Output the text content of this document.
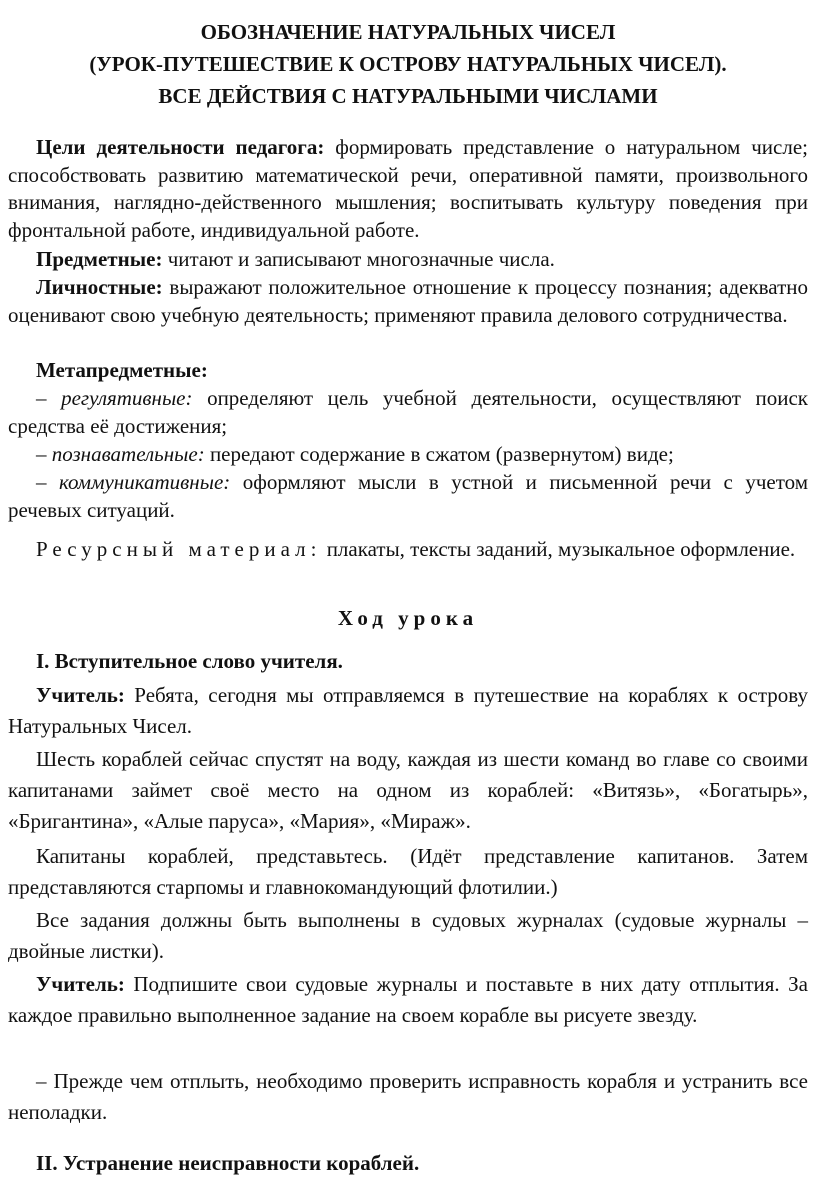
ОБОЗНАЧЕНИЕ НАТУРАЛЬНЫХ ЧИСЕЛ
(УРОК-ПУТЕШЕСТВИЕ К ОСТРОВУ НАТУРАЛЬНЫХ ЧИСЕЛ).
ВСЕ ДЕЙСТВИЯ С НАТУРАЛЬНЫМИ ЧИСЛАМИ

Цели деятельности педагога: формировать представление о натуральном числе; способствовать развитию математической речи, оперативной памяти, произвольного внимания, наглядно-действенного мышления; воспитывать культуру поведения при фронтальной работе, индивидуальной работе.

Предметные: читают и записывают многозначные числа.

Личностные: выражают положительное отношение к процессу познания; адекватно оценивают свою учебную деятельность; применяют правила делового сотрудничества.

Метапредметные:

– регулятивные: определяют цель учебной деятельности, осуществляют поиск средства её достижения;

– познавательные: передают содержание в сжатом (развернутом) виде;

– коммуникативные: оформляют мысли в устной и письменной речи с учетом речевых ситуаций.

Ресурсный материал: плакаты, тексты заданий, музыкальное оформление.

Ход урока

I. Вступительное слово учителя.

Учитель: Ребята, сегодня мы отправляемся в путешествие на кораблях к острову Натуральных Чисел.

Шесть кораблей сейчас спустят на воду, каждая из шести команд во главе со своими капитанами займет своё место на одном из кораблей: «Витязь», «Богатырь», «Бригантина», «Алые паруса», «Мария», «Мираж».

Капитаны кораблей, представьтесь. (Идёт представление капитанов. Затем представляются старпомы и главнокомандующий флотилии.)

Все задания должны быть выполнены в судовых журналах (судовые журналы – двойные листки).

Учитель: Подпишите свои судовые журналы и поставьте в них дату отплытия. За каждое правильно выполненное задание на своем корабле вы рисуете звезду.

– Прежде чем отплыть, необходимо проверить исправность корабля и устранить все неполадки.

II. Устранение неисправности кораблей.
